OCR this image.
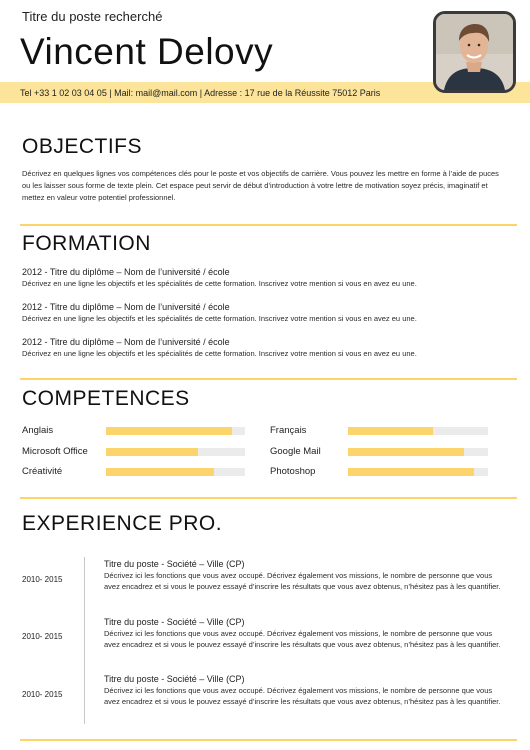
Titre du poste recherché
Vincent Delovy
Tel +33 1 02 03 04 05 | Mail: mail@mail.com | Adresse : 17 rue de la Réussite 75012 Paris
OBJECTIFS
Décrivez en quelques lignes vos compétences clés pour le poste et vos objectifs de carrière. Vous pouvez les mettre en forme à l’aide de puces ou les laisser sous forme de texte plein. Cet espace peut servir de début d’introduction à votre lettre de motivation soyez précis, imaginatif et mettez en valeur votre potentiel professionnel.
FORMATION
2012 - Titre du diplôme – Nom de l’université / école
Décrivez en une ligne les objectifs et les spécialités de cette formation. Inscrivez votre mention si vous en avez eu une.
2012 - Titre du diplôme – Nom de l’université / école
Décrivez en une ligne les objectifs et les spécialités de cette formation. Inscrivez votre mention si vous en avez eu une.
2012 - Titre du diplôme – Nom de l’université / école
Décrivez en une ligne les objectifs et les spécialités de cette formation. Inscrivez votre mention si vous en avez eu une.
COMPETENCES
Anglais
Microsoft Office
Créativité
Français
Google Mail
Photoshop
EXPERIENCE PRO.
2010- 2015
Titre du poste - Société – Ville (CP)
Décrivez ici les fonctions que vous avez occupé. Décrivez également vos missions, le nombre de personne que vous avez encadrez et si vous le pouvez essayé d’inscrire les résultats que vous avez obtenus, n’hésitez pas à les quantifier.
2010- 2015
Titre du poste - Société – Ville (CP)
Décrivez ici les fonctions que vous avez occupé. Décrivez également vos missions, le nombre de personne que vous avez encadrez et si vous le pouvez essayé d’inscrire les résultats que vous avez obtenus, n’hésitez pas à les quantifier.
2010- 2015
Titre du poste - Société – Ville (CP)
Décrivez ici les fonctions que vous avez occupé. Décrivez également vos missions, le nombre de personne que vous avez encadrez et si vous le pouvez essayé d’inscrire les résultats que vous avez obtenus, n’hésitez pas à les quantifier.
